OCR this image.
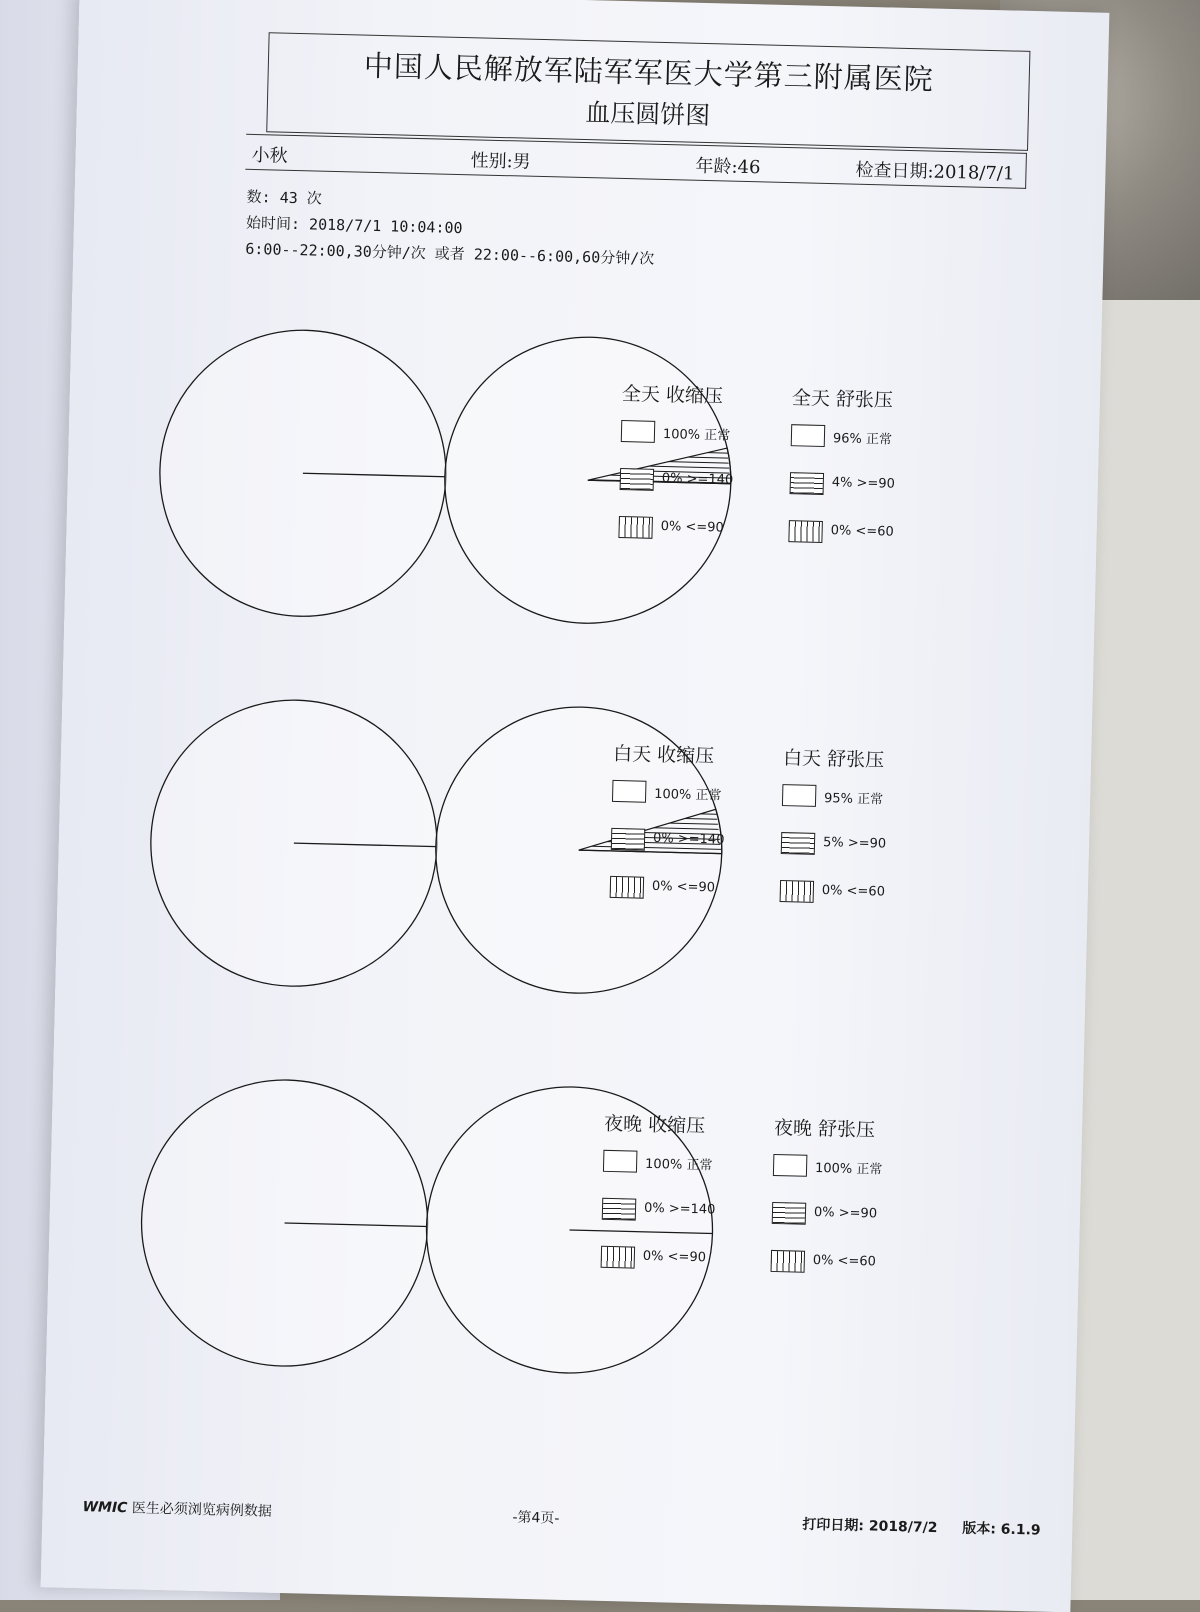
中国人民解放军陆军军医大学第三附属医院
血压圆饼图
小秋	性别:男	年龄:46	检查日期:2018/7/1
数: 43 次
始时间: 2018/7/1 10:04:00
6:00--22:00,30分钟/次 或者 22:00--6:00,60分钟/次
全天 收缩压
100% 正常
0% >=140
0% <=90
全天 舒张压
96% 正常
4% >=90
0% <=60
白天 收缩压
100% 正常
0% >=140
0% <=90
白天 舒张压
95% 正常
5% >=90
0% <=60
夜晚 收缩压
100% 正常
0% >=140
0% <=90
夜晚 舒张压
100% 正常
0% >=90
0% <=60
WMIC 医生必须浏览病例数据	-第4页-	打印日期: 2018/7/2 版本: 6.1.9
